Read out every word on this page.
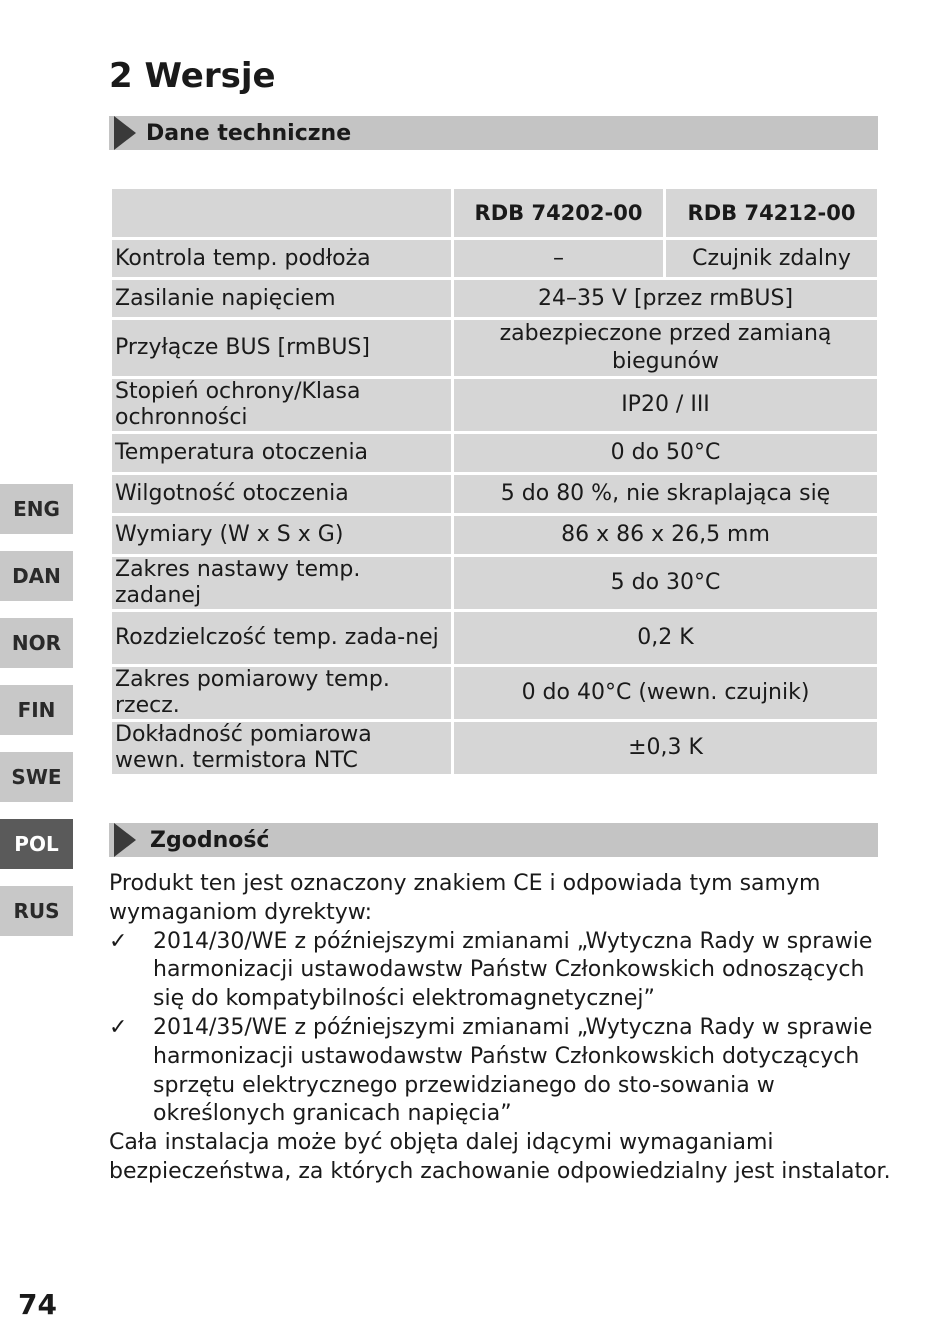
2 Wersje
Dane techniczne
	RDB 74202-00	RDB 74212-00
Kontrola temp. podłoża	–	Czujnik zdalny
Zasilanie napięciem	24–35 V [przez rmBUS]	
Przyłącze BUS [rmBUS]	zabezpieczone przed zamianą biegunów	
Stopień ochrony/Klasa ochronności	IP20 / III	
Temperatura otoczenia	0 do 50°C	
Wilgotność otoczenia	5 do 80 %, nie skraplająca się	
Wymiary (W x S x G)	86 x 86 x 26,5 mm	
Zakres nastawy temp. zadanej	5 do 30°C	
Rozdzielczość temp. zada-nej	0,2 K	
Zakres pomiarowy temp. rzecz.	0 do 40°C (wewn. czujnik)	
Dokładność pomiarowa wewn. termistora NTC	±0,3 K	
ENG
DAN
NOR
FIN
SWE
POL
RUS
Zgodność

Produkt ten jest oznaczony znakiem CE i odpowiada tym samym wymaganiom dyrektyw:

✓ 2014/30/WE z późniejszymi zmianami „Wytyczna Rady w sprawie harmonizacji ustawodawstw Państw Członkowskich odnoszących się do kompatybilności elektromagnetycznej”
✓ 2014/35/WE z późniejszymi zmianami „Wytyczna Rady w sprawie harmonizacji ustawodawstw Państw Członkowskich dotyczących sprzętu elektrycznego przewidzianego do sto-sowania w określonych granicach napięcia”

Cała instalacja może być objęta dalej idącymi wymaganiami bezpieczeństwa, za których zachowanie odpowiedzialny jest instalator.

74
